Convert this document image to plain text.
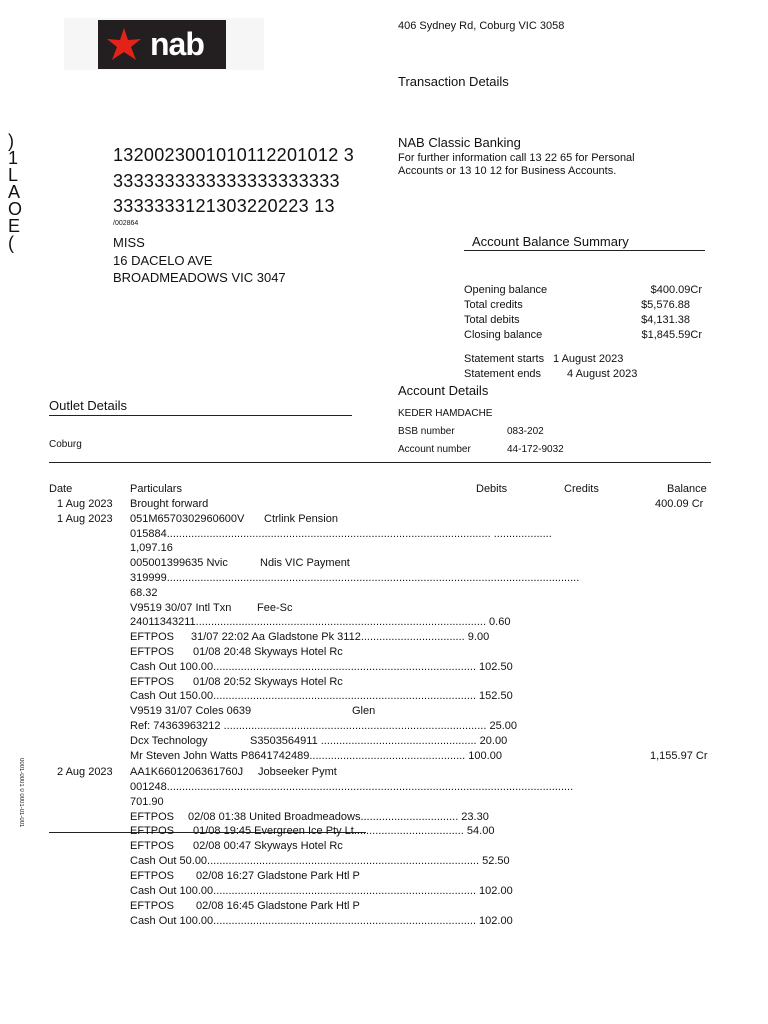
nab
)1LAOE(
0001-0001 0 0001-01-001
406 Sydney Rd, Coburg VIC 3058
Transaction Details
NAB Classic Banking
For further information call 13 22 65 for Personal
Accounts or 13 10 12 for Business Accounts.
1320023001010112201012 3
3333333333333333333333
3333333121303220223 13
/002864
MISS
16 DACELO AVE
BROADMEADOWS VIC 3047
Account Balance Summary
Opening balance	$400.09Cr
Total credits	$5,576.88
Total debits	$4,131.38
Closing balance	$1,845.59Cr
Statement starts 1 August 2023
Statement ends 4 August 2023
Account Details
KEDER HAMDACHE
BSB number	083-202
Account number	44-172-9032
Outlet Details
Coburg
Date	Particulars	Debits	Credits	Balance
1 Aug 2023 Brought forward	400.09 Cr
1 Aug 2023 051M6570302960600V Ctrlink Pension
015884.......................................................................................................... ...................
1,097.16
005001399635 Nvic	Ndis VIC Payment
319999.......................................................................................................................................
68.32
V9519 30/07 Intl Txn Fee-Sc
24011343211............................................................................................... 0.60
EFTPOS 31/07 22:02 Aa Gladstone Pk 3112.................................. 9.00
EFTPOS 01/08 20:48 Skyways Hotel Rc
Cash Out 100.00...................................................................................... 102.50
EFTPOS 01/08 20:52 Skyways Hotel Rc
Cash Out 150.00...................................................................................... 152.50
V9519 31/07 Coles 0639	Glen
Ref: 74363963212 ...................................................................................... 25.00
Dcx Technology	S3503564911 ................................................... 20.00
Mr Steven John Watts P8641742489................................................... 100.00	1,155.97 Cr
2 Aug 2023 AA1K6601206361760J Jobseeker Pymt
001248.....................................................................................................................................
701.90
EFTPOS 02/08 01:38 United Broadmeadows................................ 23.30
EFTPOS 01/08 19:45 Evergreen Ice Pty Lt.................................... 54.00
EFTPOS 02/08 00:47 Skyways Hotel Rc
Cash Out 50.00......................................................................................... 52.50
EFTPOS 02/08 16:27 Gladstone Park Htl P
Cash Out 100.00...................................................................................... 102.00
EFTPOS 02/08 16:45 Gladstone Park Htl P
Cash Out 100.00...................................................................................... 102.00
